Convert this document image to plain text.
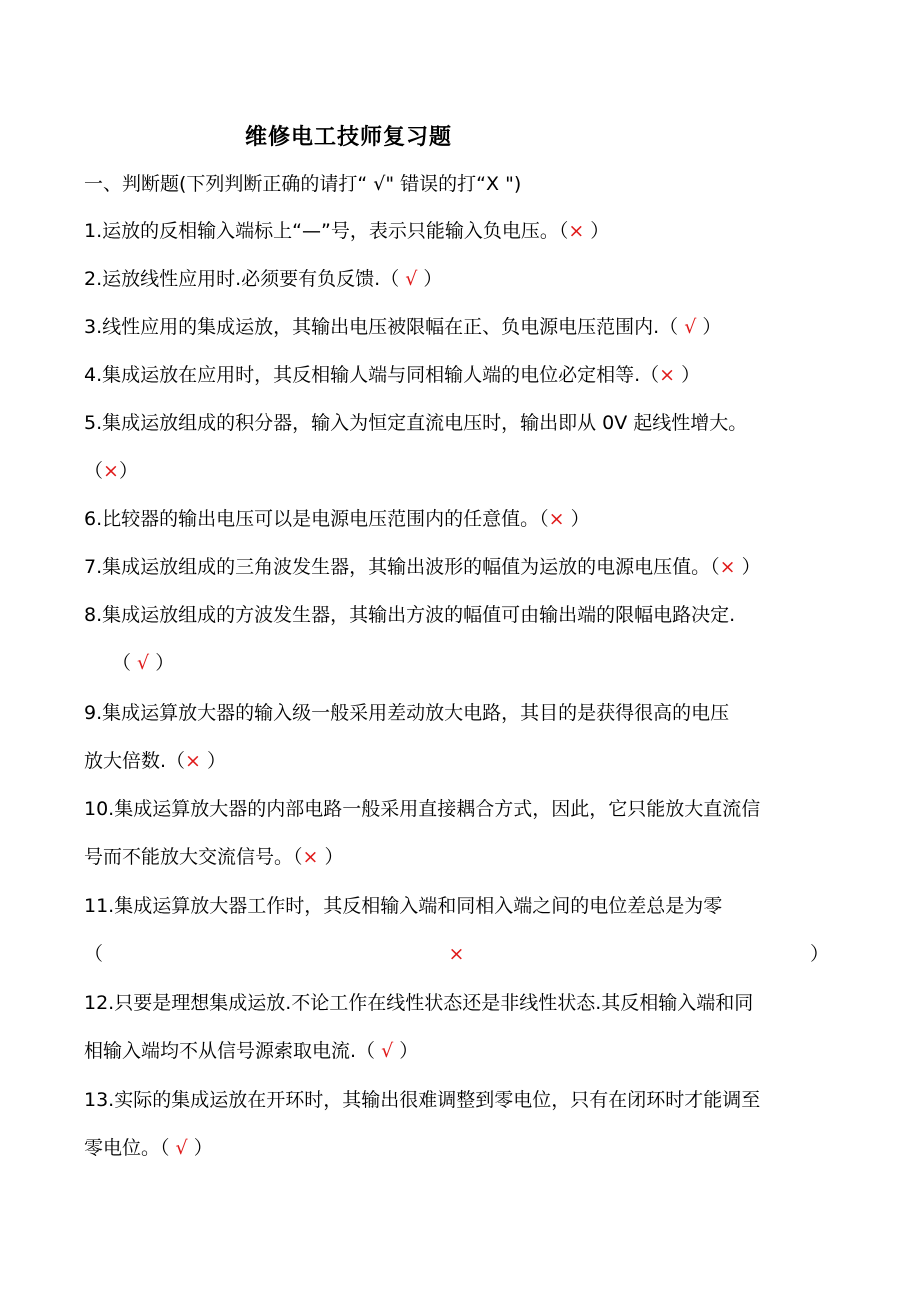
维修电工技师复习题
一、判断题(下列判断正确的请打“ √" 错误的打“X ")
1.运放的反相输入端标上“—”号，表示只能输入负电压。（× ）
2.运放线性应用时.必须要有负反馈.（ √ ）
3.线性应用的集成运放，其输出电压被限幅在正、负电源电压范围内.（ √ ）
4.集成运放在应用时，其反相输人端与同相输人端的电位必定相等.（× ）
5.集成运放组成的积分器，输入为恒定直流电压时，输出即从 0V 起线性增大。
（×）
6.比较器的输出电压可以是电源电压范围内的任意值。（× ）
7.集成运放组成的三角波发生器，其输出波形的幅值为运放的电源电压值。（× ）
8.集成运放组成的方波发生器，其输出方波的幅值可由输出端的限幅电路决定.
（ √ ）
9.集成运算放大器的输入级一般采用差动放大电路，其目的是获得很高的电压
放大倍数.（× ）
10.集成运算放大器的内部电路一般采用直接耦合方式，因此，它只能放大直流信
号而不能放大交流信号。（× ）
11.集成运算放大器工作时，其反相输入端和同相入端之间的电位差总是为零
（	×	）
12.只要是理想集成运放.不论工作在线性状态还是非线性状态.其反相输入端和同
相输入端均不从信号源索取电流.（ √ ）
13.实际的集成运放在开环时，其输出很难调整到零电位，只有在闭环时才能调至
零电位。（ √ ）
